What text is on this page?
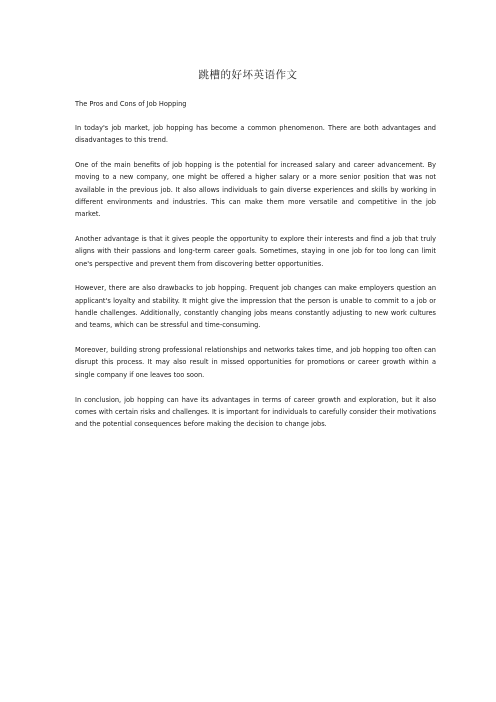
跳槽的好坏英语作文
The Pros and Cons of Job Hopping

In today's job market, job hopping has become a common phenomenon. There are both advantages and disadvantages to this trend.

One of the main benefits of job hopping is the potential for increased salary and career advancement. By moving to a new company, one might be offered a higher salary or a more senior position that was not available in the previous job. It also allows individuals to gain diverse experiences and skills by working in different environments and industries. This can make them more versatile and competitive in the job market.

Another advantage is that it gives people the opportunity to explore their interests and find a job that truly aligns with their passions and long-term career goals. Sometimes, staying in one job for too long can limit one's perspective and prevent them from discovering better opportunities.

However, there are also drawbacks to job hopping. Frequent job changes can make employers question an applicant's loyalty and stability. It might give the impression that the person is unable to commit to a job or handle challenges. Additionally, constantly changing jobs means constantly adjusting to new work cultures and teams, which can be stressful and time-consuming.

Moreover, building strong professional relationships and networks takes time, and job hopping too often can disrupt this process. It may also result in missed opportunities for promotions or career growth within a single company if one leaves too soon.

In conclusion, job hopping can have its advantages in terms of career growth and exploration, but it also comes with certain risks and challenges. It is important for individuals to carefully consider their motivations and the potential consequences before making the decision to change jobs.
